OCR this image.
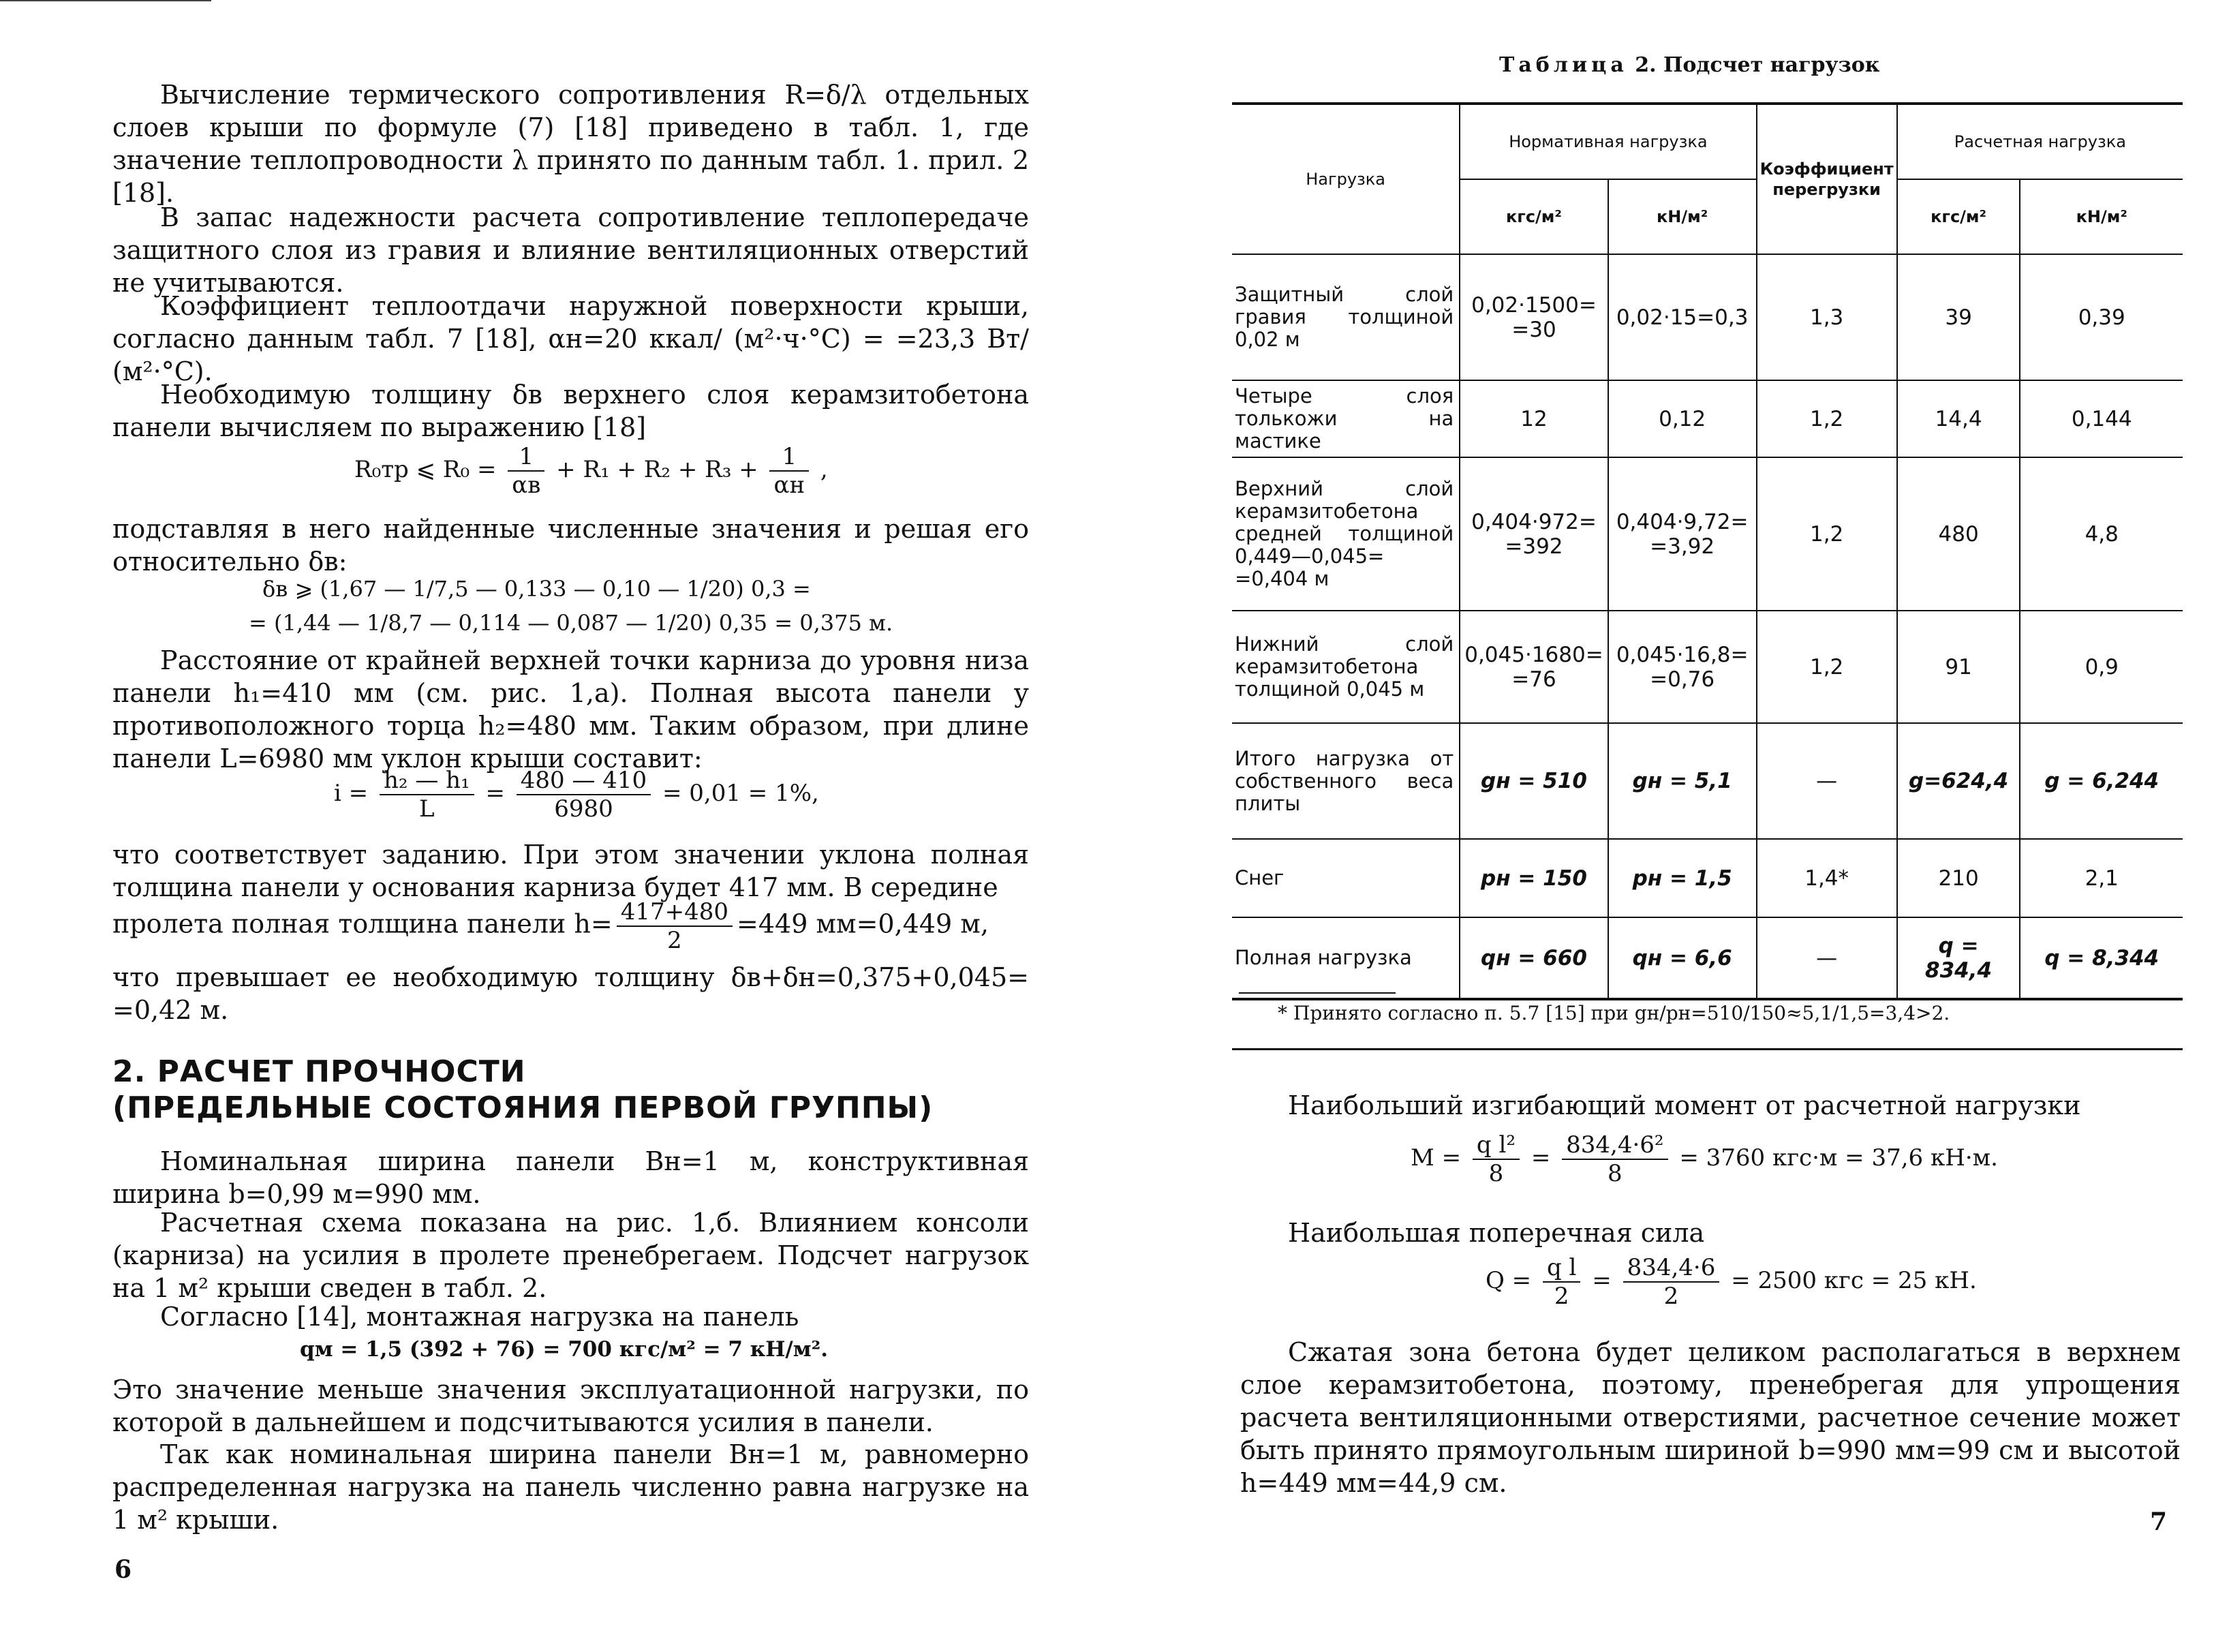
Вычисление термического сопротивления R=δ/λ отдельных слоев крыши по формуле (7) [18] приведено в табл. 1, где значение теплопроводности λ принято по данным табл. 1. прил. 2 [18].

В запас надежности расчета сопротивление теплопередаче защитного слоя из гравия и влияние вентиляционных отверстий не учитываются.

Коэффициент теплоотдачи наружной поверхности крыши, согласно данным табл. 7 [18], αн=20 ккал/ (м²·ч·°C) = =23,3 Вт/ (м²·°C).

Необходимую толщину δв верхнего слоя керамзитобетона панели вычисляем по выражению [18]

R₀тр ⩽ $R_0 = \frac{1}{\alpha в} + R_1 + R_2 + R_3 + \frac{1}{\alpha н}$ ,

подставляя в него найденные численные значения и решая его относительно δв:

δв ⩾ (1,67 — 1/7,5 — 0,133 — 0,10 — 1/20) 0,3 =
= (1,44 — 1/8,7 — 0,114 — 0,087 — 1/20) 0,35 = 0,375 м.

Расстояние от крайней верхней точки карниза до уровня низа панели h₁=410 мм (см. рис. 1,а). Полная высота панели у противоположного торца h₂=480 мм. Таким образом, при длине панели L=6980 мм уклон крыши составит:

$i = \frac{\text{h₂ — h₁}}{L} = \frac{480 — 410}{6980} = 0,01 = 1\%$,

что соответствует заданию. При этом значении уклона полная толщина панели у основания карниза будет 417 мм. В середине

пролета полная толщина панели $h= \frac{417+480}{2} =449$ мм=0,449 м,

что превышает ее необходимую толщину δв+δн=0,375+0,045= =0,42 м.

2. РАСЧЕТ ПРОЧНОСТИ
(ПРЕДЕЛЬНЫЕ СОСТОЯНИЯ ПЕРВОЙ ГРУППЫ)

Номинальная ширина панели Bн=1 м, конструктивная ширина b=0,99 м=990 мм.

Расчетная схема показана на рис. 1,б. Влиянием консоли (карниза) на усилия в пролете пренебрегаем. Подсчет нагрузок на 1 м² крыши сведен в табл. 2.

Согласно [14], монтажная нагрузка на панель

qм = 1,5 (392 + 76) = 700 кгс/м² = 7 кН/м².

Это значение меньше значения эксплуатационной нагрузки, по которой в дальнейшем и подсчитываются усилия в панели.

Так как номинальная ширина панели Bн=1 м, равномерно распределенная нагрузка на панель численно равна нагрузке на 1 м² крыши.

6
Таблица 2. Подсчет нагрузок
Нагрузка	Нормативная нагрузка		Коэффициент перегрузки	Расчетная нагрузка	
	кгс/м²	кН/м²		кгс/м²	кН/м²
Защитный слой гравия толщиной 0,02 м	0,02·1500= =30	0,02·15=0,3	1,3	39	0,39
Четыре слоя толькожи на мастике	12	0,12	1,2	14,4	0,144
Верхний слой керамзитобетона средней толщиной 0,449—0,045= =0,404 м	0,404·972= =392	0,404·9,72= =3,92	1,2	480	4,8
Нижний слой керамзитобетона толщиной 0,045 м	0,045·1680= =76	0,045·16,8= =0,76	1,2	91	0,9
Итого нагрузка от собственного веса плиты	gн = 510	gн = 5,1	—	g=624,4	g = 6,244
Снег	pн = 150	pн = 1,5	1,4*	210	2,1
Полная нагрузка	qн = 660	qн = 6,6	—	q = 834,4	q = 8,344
* Принято согласно п. 5.7 [15] при gн/pн=510/150≈5,1/1,5=3,4>2.

Наибольший изгибающий момент от расчетной нагрузки

$M = \frac{\text{q l²}}{8} = \frac{\text{834,4·6²}}{8} = 3760$ кгс·м = 37,6 кН·м.

Наибольшая поперечная сила

$Q = \frac{\text{q l}}{2} = \frac{834,4\cdot 6}{2} = 2500$ кгс = 25 кН.

Сжатая зона бетона будет целиком располагаться в верхнем слое керамзитобетона, поэтому, пренебрегая для упрощения расчета вентиляционными отверстиями, расчетное сечение может быть принято прямоугольным шириной b=990 мм=99 см и высотой h=449 мм=44,9 см.

7
